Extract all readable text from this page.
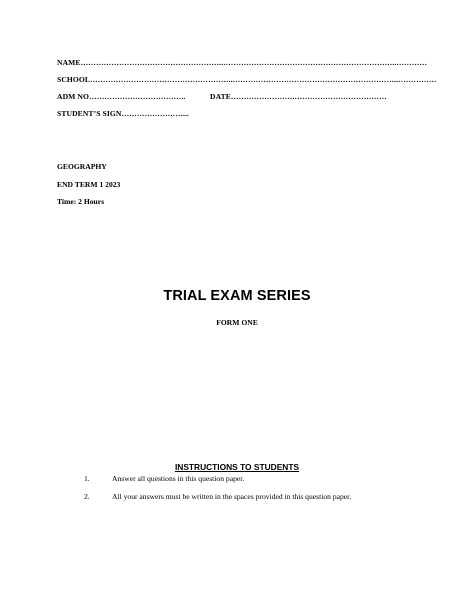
NAME………………………………………………..…………………………………………………………..…………
SCHOOL………………………………………………..………………………………………………………..……………
ADM NO………………………………..	DATE…………………….………………………………
STUDENT’S SIGN……………………...
GEOGRAPHY
END TERM 1 2023
Time: 2 Hours
TRIAL EXAM SERIES
FORM ONE
INSTRUCTIONS TO STUDENTS
1.	Answer all questions in this question paper.
2.	All your answers must be written in the spaces provided in this question paper.
